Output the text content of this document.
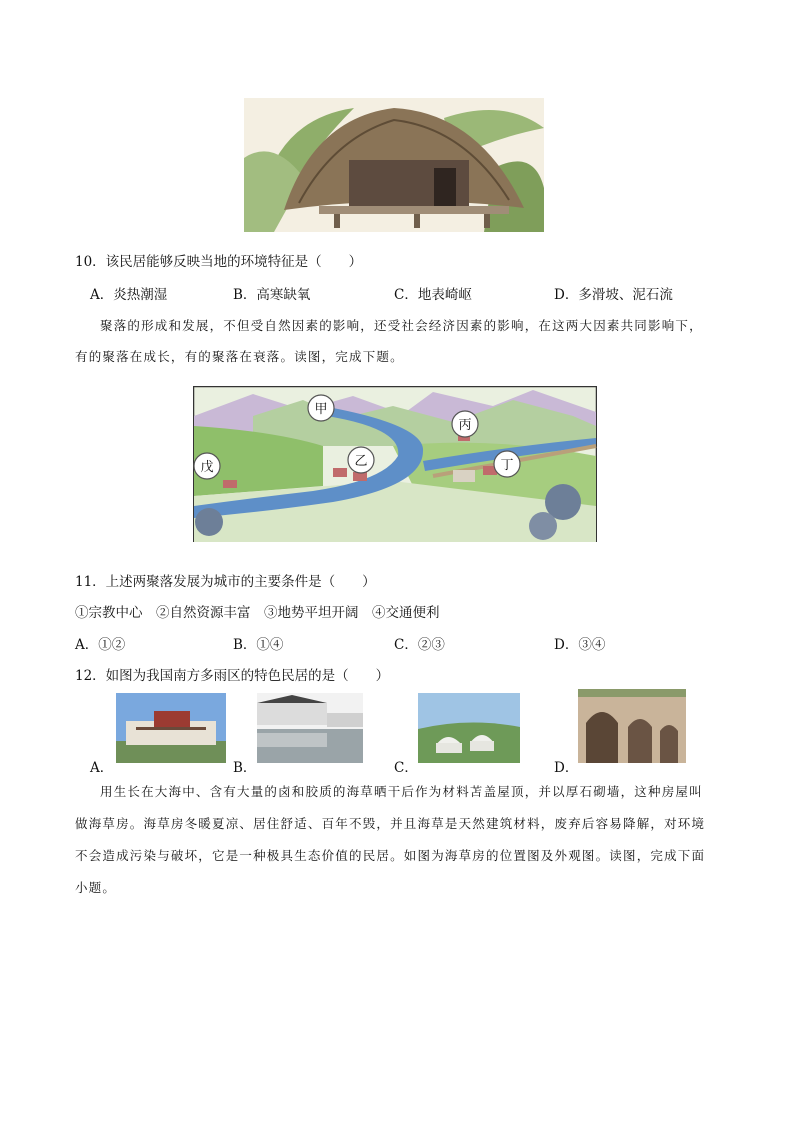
10．该民居能够反映当地的环境特征是（　　）
A．炎热潮湿	B．高寒缺氧	C．地表崎岖	D．多滑坡、泥石流
聚落的形成和发展，不但受自然因素的影响，还受社会经济因素的影响，在这两大因素共同影响下，
有的聚落在成长，有的聚落在衰落。读图，完成下题。
甲
丙
乙	丁
戊
11．上述两聚落发展为城市的主要条件是（　　）
①宗教中心　②自然资源丰富　③地势平坦开阔　④交通便利
A．①②	B．①④	C．②③	D．③④
12．如图为我国南方多雨区的特色民居的是（　　）
A．	B．	C．	D．
用生长在大海中、含有大量的卤和胶质的海草晒干后作为材料苫盖屋顶，并以厚石砌墙，这种房屋叫
做海草房。海草房冬暖夏凉、居住舒适、百年不毁，并且海草是天然建筑材料，废弃后容易降解，对环境
不会造成污染与破坏，它是一种极具生态价值的民居。如图为海草房的位置图及外观图。读图，完成下面
小题。
